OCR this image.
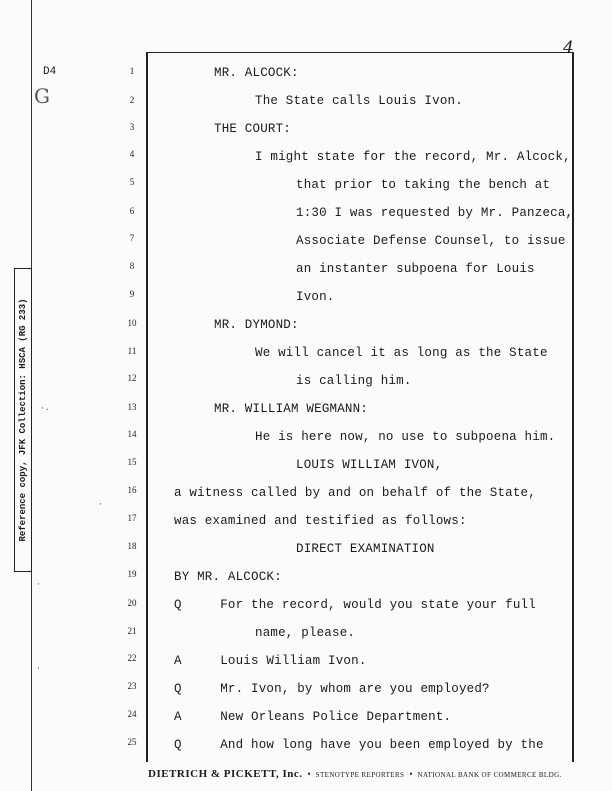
D4
G
4
·.
·
·
·
Reference copy, JFK Collection: HSCA (RG 233)
1
2
3
4
5
6
7
8
9
10
11
12
13
14
15
16
17
18
19
20
21
22
23
24
25
MR. ALCOCK:
The State calls Louis Ivon.
THE COURT:
I might state for the record, Mr. Alcock,
that prior to taking the bench at
1:30 I was requested by Mr. Panzeca,
Associate Defense Counsel, to issue
an instanter subpoena for Louis
Ivon.
MR. DYMOND:
We will cancel it as long as the State
is calling him.
MR. WILLIAM WEGMANN:
He is here now, no use to subpoena him.
LOUIS WILLIAM IVON,
a witness called by and on behalf of the State,
was examined and testified as follows:
DIRECT EXAMINATION
BY MR. ALCOCK:
Q     For the record, would you state your full
name, please.
A     Louis William Ivon.
Q     Mr. Ivon, by whom are you employed?
A     New Orleans Police Department.
Q     And how long have you been employed by the
DIETRICH & PICKETT, Inc. • STENOTYPE REPORTERS • NATIONAL BANK OF COMMERCE BLDG.
